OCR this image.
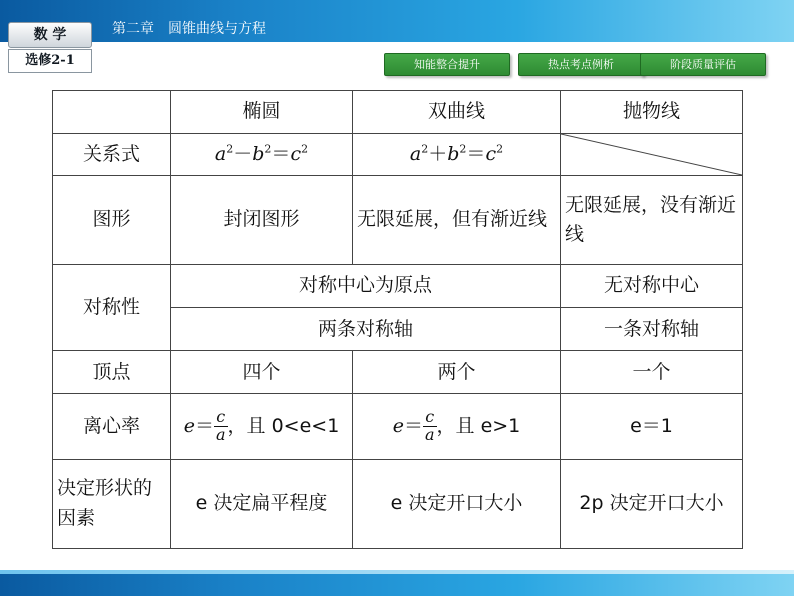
数 学
选修2-1
第二章　圆锥曲线与方程
知能整合提升	热点考点例析	阶段质量评估
	椭圆	双曲线	抛物线
关系式	$a^2-b^2=c^2$	$a^2+b^2=c^2$	

图形	封闭图形	无限延展，但有渐近线	无限延展，没有渐近线
对称性	对称中心为原点		无对称中心
	两条对称轴		一条对称轴
顶点	四个	两个	一个
离心率	$e= \frac{c}{a}$ ，且 0<e<1	$e= \frac{c}{a}$ ，且 e>1	e＝1
决定形状的因素	e 决定扁平程度	e 决定开口大小	2p 决定开口大小
